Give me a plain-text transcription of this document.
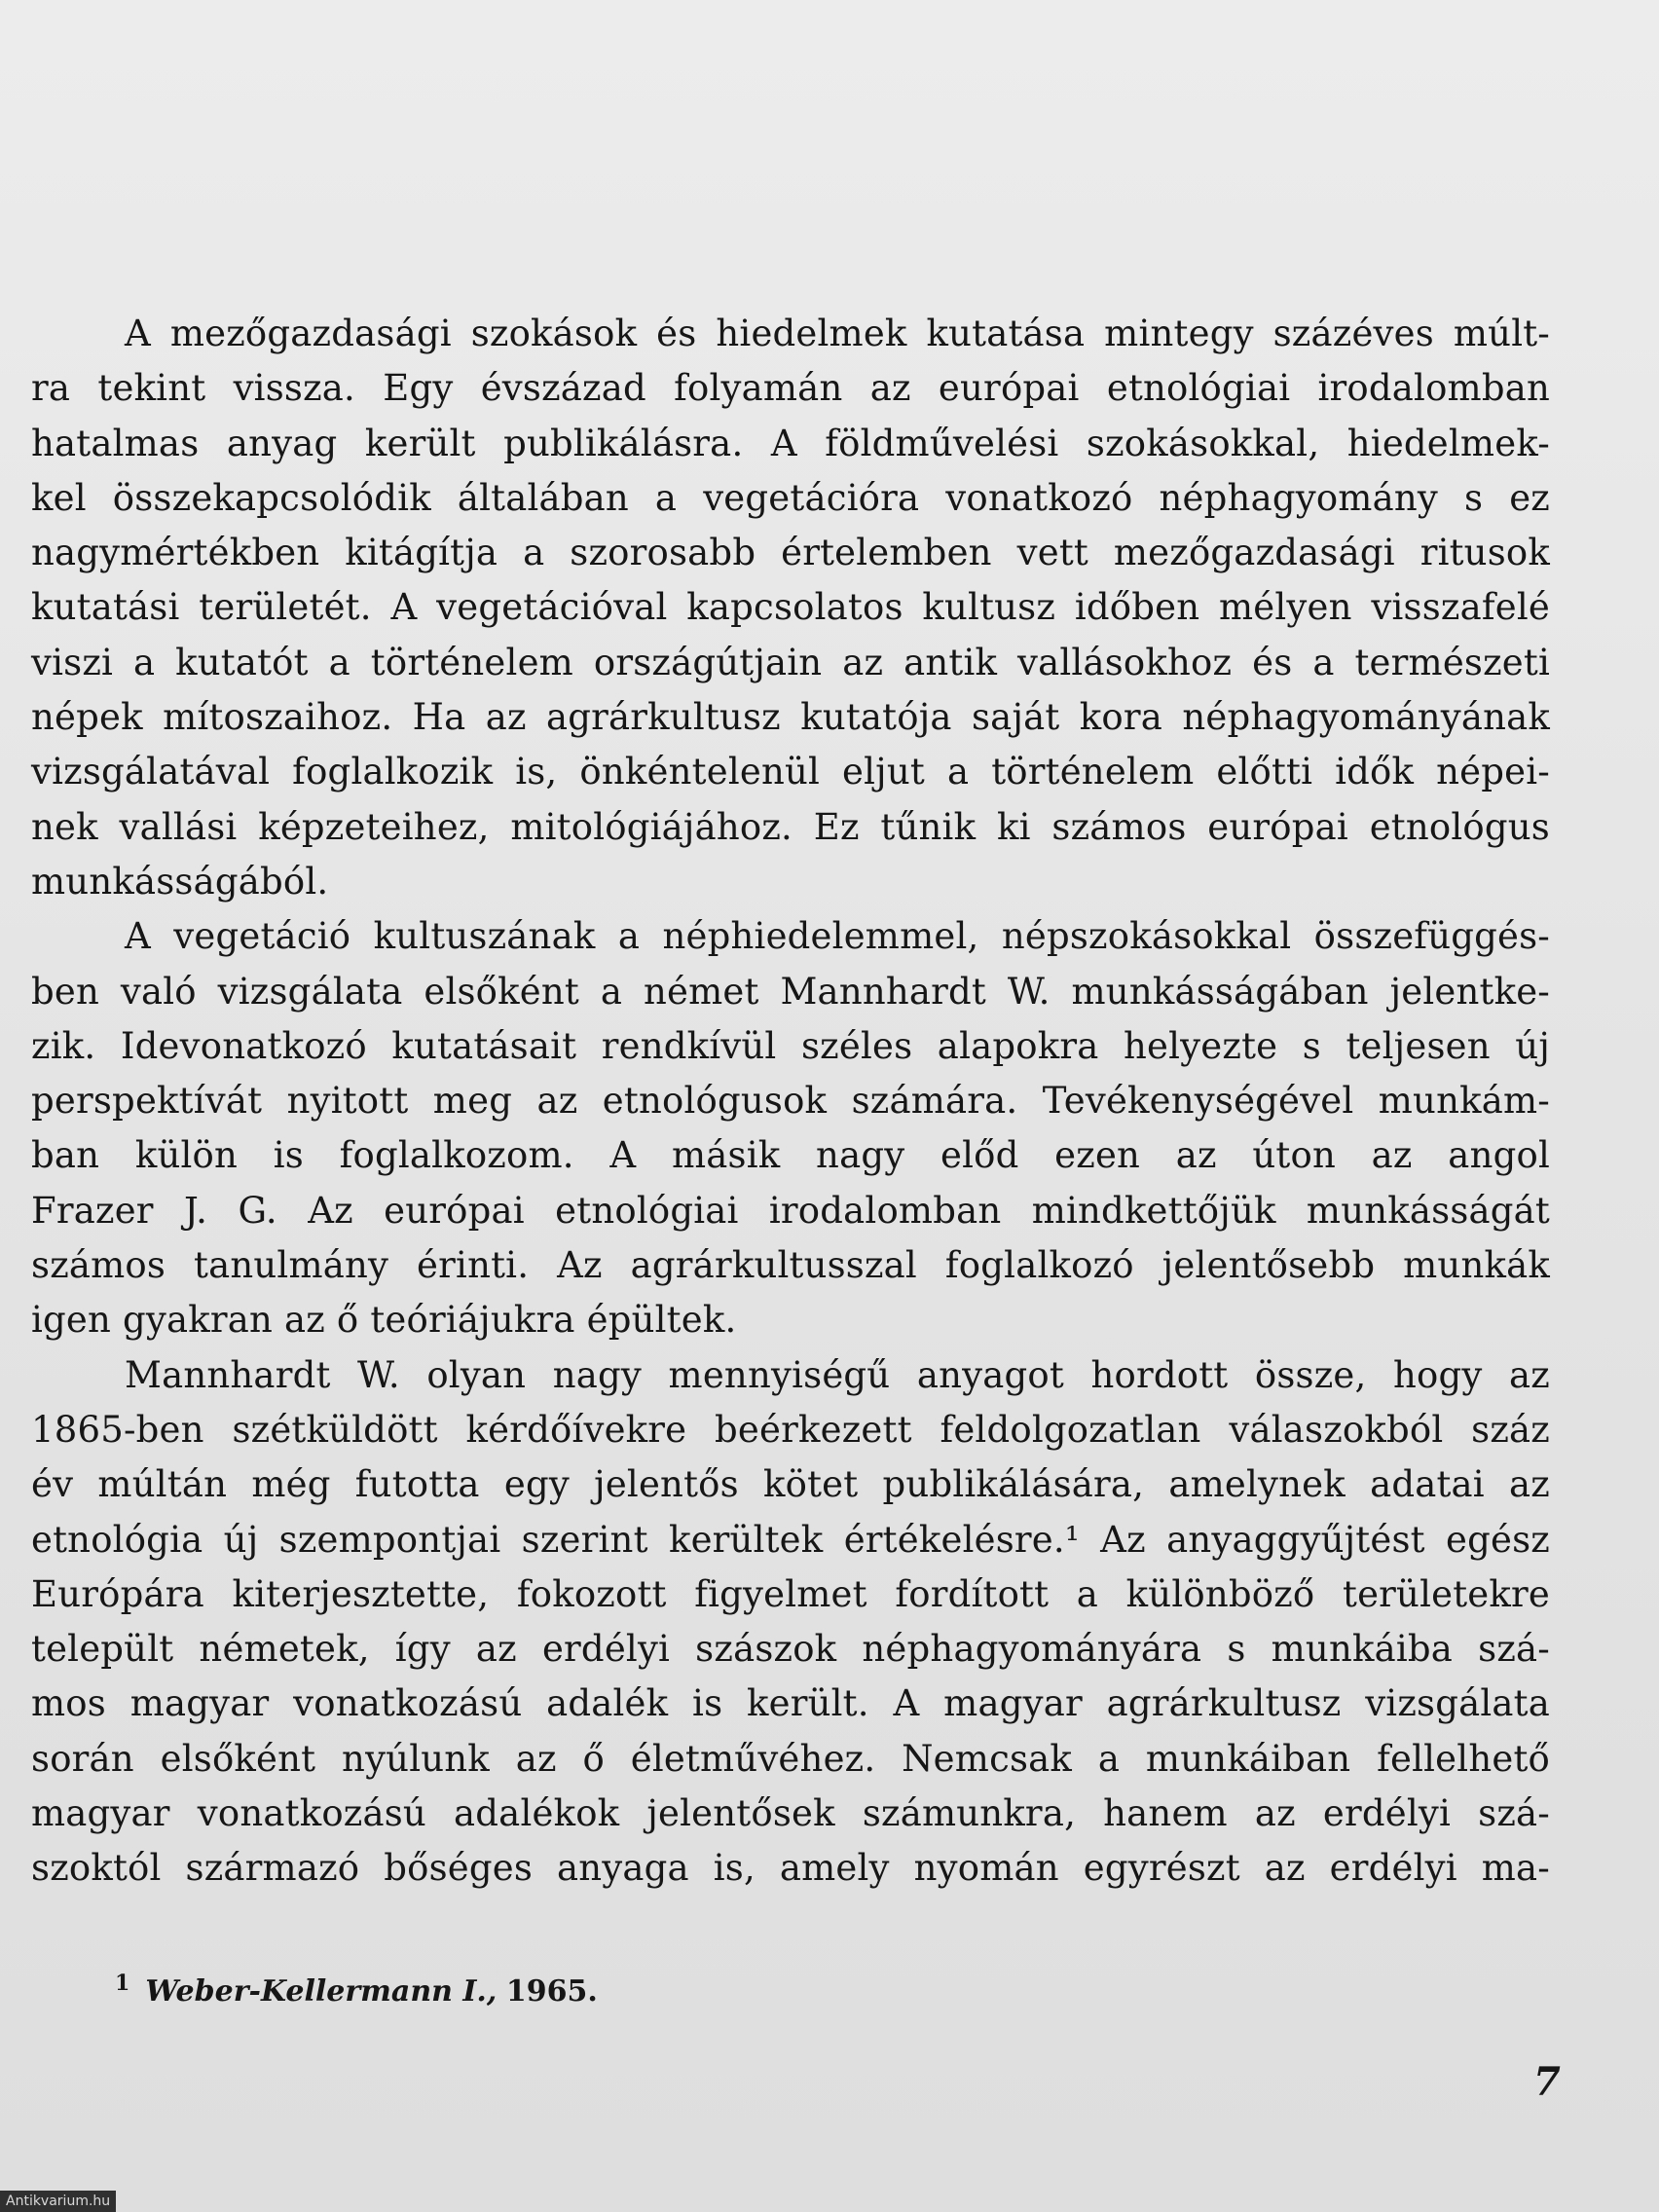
A mezőgazdasági szokások és hiedelmek kutatása mintegy százéves múlt-
ra tekint vissza. Egy évszázad folyamán az európai etnológiai irodalomban
hatalmas anyag került publikálásra. A földművelési szokásokkal, hiedelmek-
kel összekapcsolódik általában a vegetációra vonatkozó néphagyomány s ez
nagymértékben kitágítja a szorosabb értelemben vett mezőgazdasági ritusok
kutatási területét. A vegetációval kapcsolatos kultusz időben mélyen visszafelé
viszi a kutatót a történelem országútjain az antik vallásokhoz és a természeti
népek mítoszaihoz. Ha az agrárkultusz kutatója saját kora néphagyományának
vizsgálatával foglalkozik is, önkéntelenül eljut a történelem előtti idők népei-
nek vallási képzeteihez, mitológiájához. Ez tűnik ki számos európai etnológus
munkásságából.
A vegetáció kultuszának a néphiedelemmel, népszokásokkal összefüggés-
ben való vizsgálata elsőként a német Mannhardt W. munkásságában jelentke-
zik. Idevonatkozó kutatásait rendkívül széles alapokra helyezte s teljesen új
perspektívát nyitott meg az etnológusok számára. Tevékenységével munkám-
ban külön is foglalkozom. A másik nagy előd ezen az úton az angol
Frazer J. G. Az európai etnológiai irodalomban mindkettőjük munkásságát
számos tanulmány érinti. Az agrárkultusszal foglalkozó jelentősebb munkák
igen gyakran az ő teóriájukra épültek.
Mannhardt W. olyan nagy mennyiségű anyagot hordott össze, hogy az
1865-ben szétküldött kérdőívekre beérkezett feldolgozatlan válaszokból száz
év múltán még futotta egy jelentős kötet publikálására, amelynek adatai az
etnológia új szempontjai szerint kerültek értékelésre.¹ Az anyaggyűjtést egész
Európára kiterjesztette, fokozott figyelmet fordított a különböző területekre
települt németek, így az erdélyi szászok néphagyományára s munkáiba szá-
mos magyar vonatkozású adalék is került. A magyar agrárkultusz vizsgálata
során elsőként nyúlunk az ő életművéhez. Nemcsak a munkáiban fellelhető
magyar vonatkozású adalékok jelentősek számunkra, hanem az erdélyi szá-
szoktól származó bőséges anyaga is, amely nyomán egyrészt az erdélyi ma-
$^1$ Weber-Kellermann I., 1965.
7
Antikvarium.hu
